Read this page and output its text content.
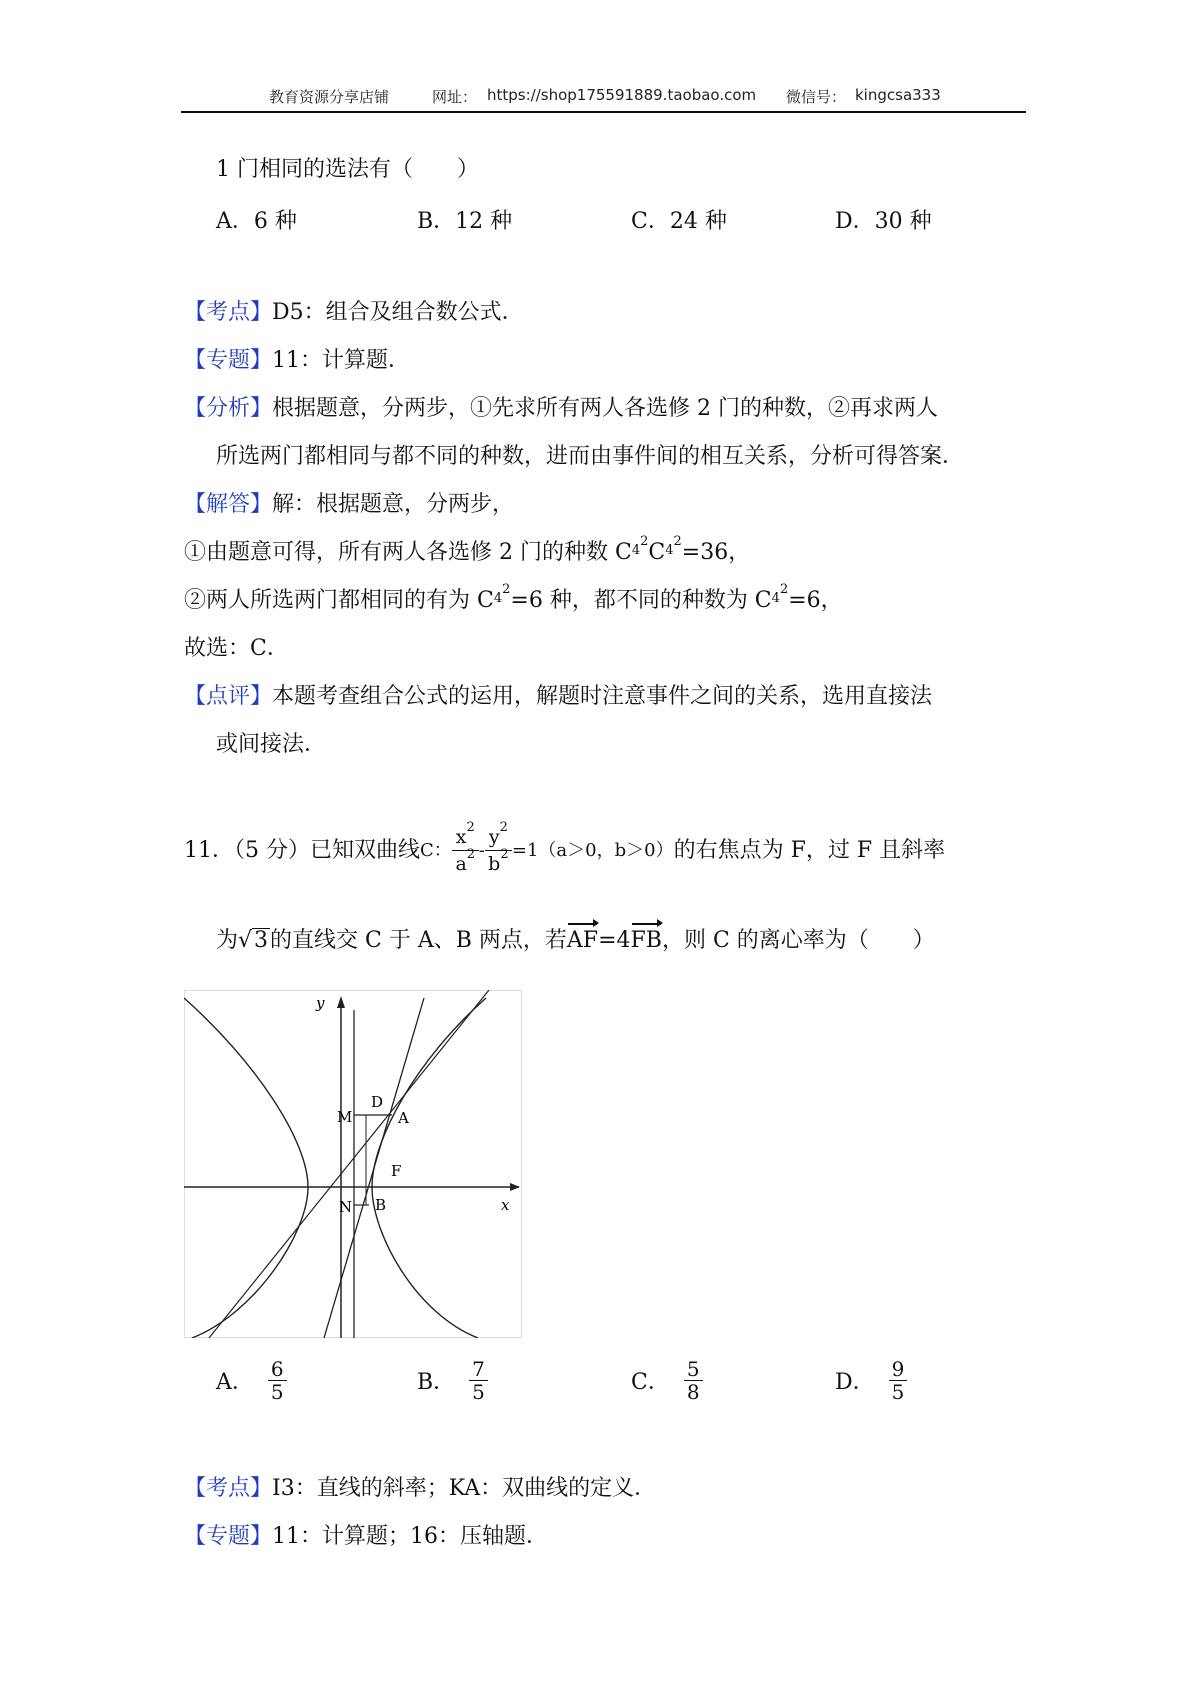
教育资源分享店铺	网址： https://shop175591889.taobao.com 微信号： kingcsa333
1 门相同的选法有（　　）
A．6 种	B．12 种	C．24 种	D．30 种
【考点】D5：组合及组合数公式．
【专题】11：计算题．
【分析】根据题意，分两步，①先求所有两人各选修 2 门的种数，②再求两人
所选两门都相同与都不同的种数，进而由事件间的相互关系，分析可得答案．
【解答】解：根据题意，分两步，
①由题意可得，所有两人各选修 2 门的种数 $C_4^2C_4^2=36$，
②两人所选两门都相同的有为 $C_4^2=6$ 种，都不同的种数为 $C_4^2=6$，
故选：C．
【点评】本题考查组合公式的运用，解题时注意事件之间的关系，选用直接法
或间接法．
11．（5 分）已知双曲线 C：
$x^2$
$a^2 - \frac{y^2}{b^2} =1(a>0$，b＞0） 的右焦点为 F，过 F 且斜率
为√3的直线交 C 于 A、B 两点，若AF=4FB，则 C 的离心率为（　　）
y
x
M
D
A
F
N B
A． $\frac{6}{5}$	B． $\frac{7}{5}$	C． $\frac{5}{8}$	D． $\frac{9}{5}$
【考点】I3：直线的斜率；KA：双曲线的定义．
【专题】11：计算题；16：压轴题．
